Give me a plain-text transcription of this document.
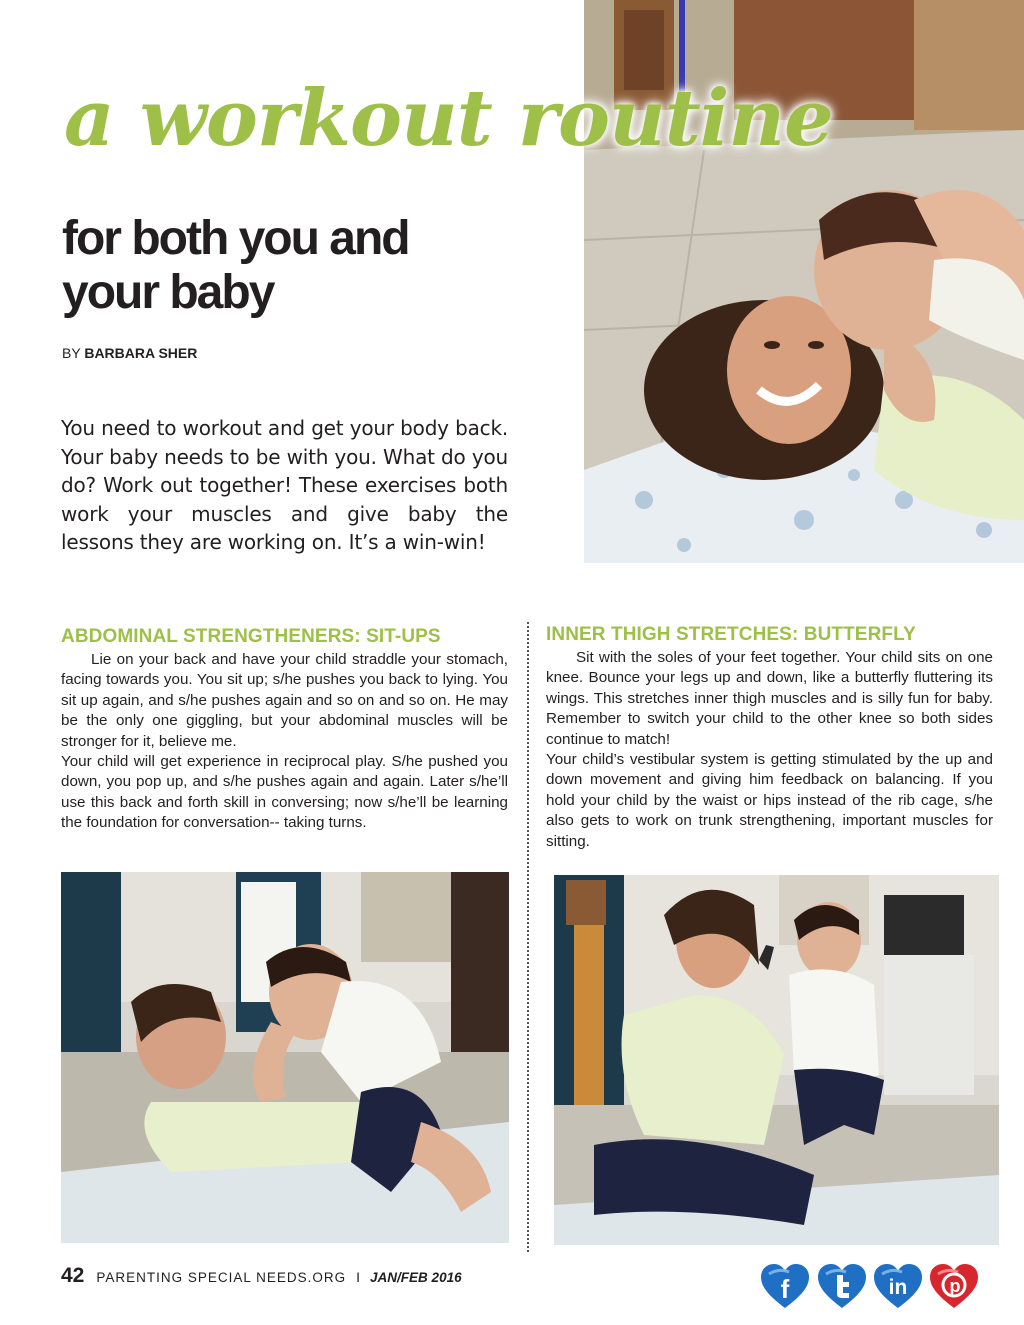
a workout routine
for both you and
your baby
BY BARBARA SHER

You need to workout and get your body back. Your baby needs to be with you. What do you do? Work out together! These exercises both work your muscles and give baby the lessons they are working on. It’s a win-win!

ABDOMINAL STRENGTHENERS: SIT-UPS

Lie on your back and have your child straddle your stomach, facing towards you. You sit up; s/he pushes you back to lying. You sit up again, and s/he pushes again and so on and so on. He may be the only one giggling, but your abdominal muscles will be stronger for it, believe me.

Your child will get experience in reciprocal play. S/he pushed you down, you pop up, and s/he pushes again and again. Later s/he’ll use this back and forth skill in conversing; now s/he’ll be learning the foundation for conversation-- taking turns.

INNER THIGH STRETCHES: BUTTERFLY

Sit with the soles of your feet together. Your child sits on one knee. Bounce your legs up and down, like a butterfly fluttering its wings. This stretches inner thigh muscles and is silly fun for baby. Remember to switch your child to the other knee so both sides continue to match!

Your child’s vestibular system is getting stimulated by the up and down movement and giving him feedback on balancing. If you hold your child by the waist or hips instead of the rib cage, s/he also gets to work on trunk strengthening, important muscles for sitting.

42 PARENTING SPECIAL NEEDS.ORG I JAN/FEB 2016	f	in p
